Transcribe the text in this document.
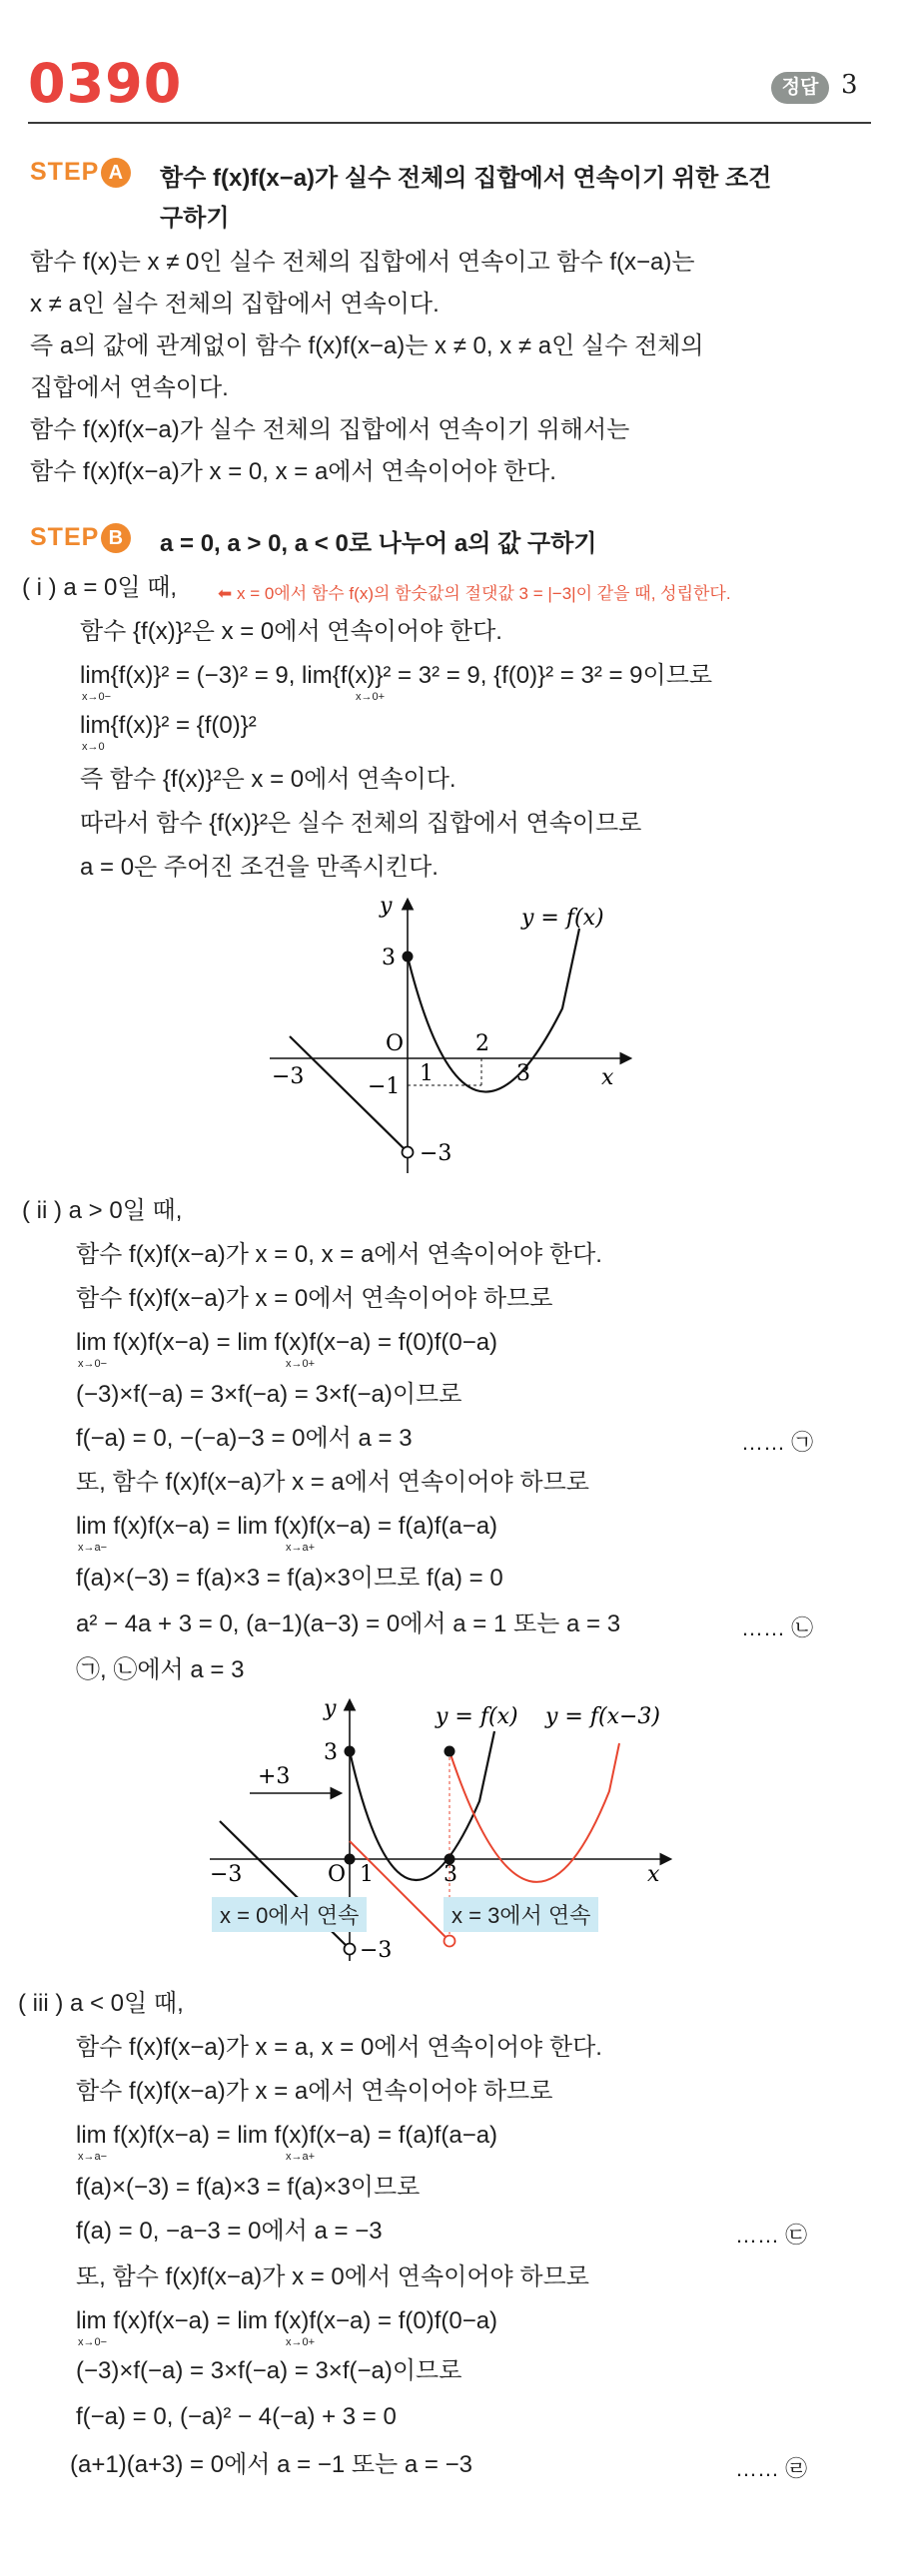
0390	정답 3
STEP A	함수 f(x)f(x−a)가 실수 전체의 집합에서 연속이기 위한 조건
구하기
함수 f(x)는 x ≠ 0인 실수 전체의 집합에서 연속이고 함수 f(x−a)는
x ≠ a인 실수 전체의 집합에서 연속이다.
즉 a의 값에 관계없이 함수 f(x)f(x−a)는 x ≠ 0, x ≠ a인 실수 전체의
집합에서 연속이다.
함수 f(x)f(x−a)가 실수 전체의 집합에서 연속이기 위해서는
함수 f(x)f(x−a)가 x = 0, x = a에서 연속이어야 한다.
STEP B	a = 0, a > 0, a < 0로 나누어 a의 값 구하기
( i ) a = 0일 때, ⬅ x = 0에서 함수 f(x)의 함숫값의 절댓값 3 = |−3|이 같을 때, 성립한다.
함수 {f(x)}²은 x = 0에서 연속이어야 한다.
lim{f(x)}² = (−3)² = 9, lim{f(x)}² = 3² = 9, {f(0)}² = 3² = 9이므로
x→0−	x→0+
lim{f(x)}² = {f(0)}²
x→0
즉 함수 {f(x)}²은 x = 0에서 연속이다.
따라서 함수 {f(x)}²은 실수 전체의 집합에서 연속이므로
a = 0은 주어진 조건을 만족시킨다.
−3	1
2
3
3
−1
−3
O
x
y	y = f(x)
( ii ) a > 0일 때,
함수 f(x)f(x−a)가 x = 0, x = a에서 연속이어야 한다.
함수 f(x)f(x−a)가 x = 0에서 연속이어야 하므로
lim f(x)f(x−a) = lim f(x)f(x−a) = f(0)f(0−a)
x→0−	x→0+
(−3)×f(−a) = 3×f(−a) = 3×f(−a)이므로
f(−a) = 0, −(−a)−3 = 0에서 a = 3	…… ㉠
또, 함수 f(x)f(x−a)가 x = a에서 연속이어야 하므로
lim f(x)f(x−a) = lim f(x)f(x−a) = f(a)f(a−a)
x→a−	x→a+
f(a)×(−3) = f(a)×3 = f(a)×3이므로 f(a) = 0
a² − 4a + 3 = 0, (a−1)(a−3) = 0에서 a = 1 또는 a = 3	…… ㉡
㉠, ㉡에서 a = 3
+3
−3	1	3
3
−3
O	x
y	y = f(x) y = f(x−3)
x = 0에서 연속	x = 3에서 연속
( iii ) a < 0일 때,
함수 f(x)f(x−a)가 x = a, x = 0에서 연속이어야 한다.
함수 f(x)f(x−a)가 x = a에서 연속이어야 하므로
lim f(x)f(x−a) = lim f(x)f(x−a) = f(a)f(a−a)
x→a−	x→a+
f(a)×(−3) = f(a)×3 = f(a)×3이므로
f(a) = 0, −a−3 = 0에서 a = −3	…… ㉢
또, 함수 f(x)f(x−a)가 x = 0에서 연속이어야 하므로
lim f(x)f(x−a) = lim f(x)f(x−a) = f(0)f(0−a)
x→0−	x→0+
(−3)×f(−a) = 3×f(−a) = 3×f(−a)이므로
f(−a) = 0, (−a)² − 4(−a) + 3 = 0
(a+1)(a+3) = 0에서 a = −1 또는 a = −3	…… ㉣
